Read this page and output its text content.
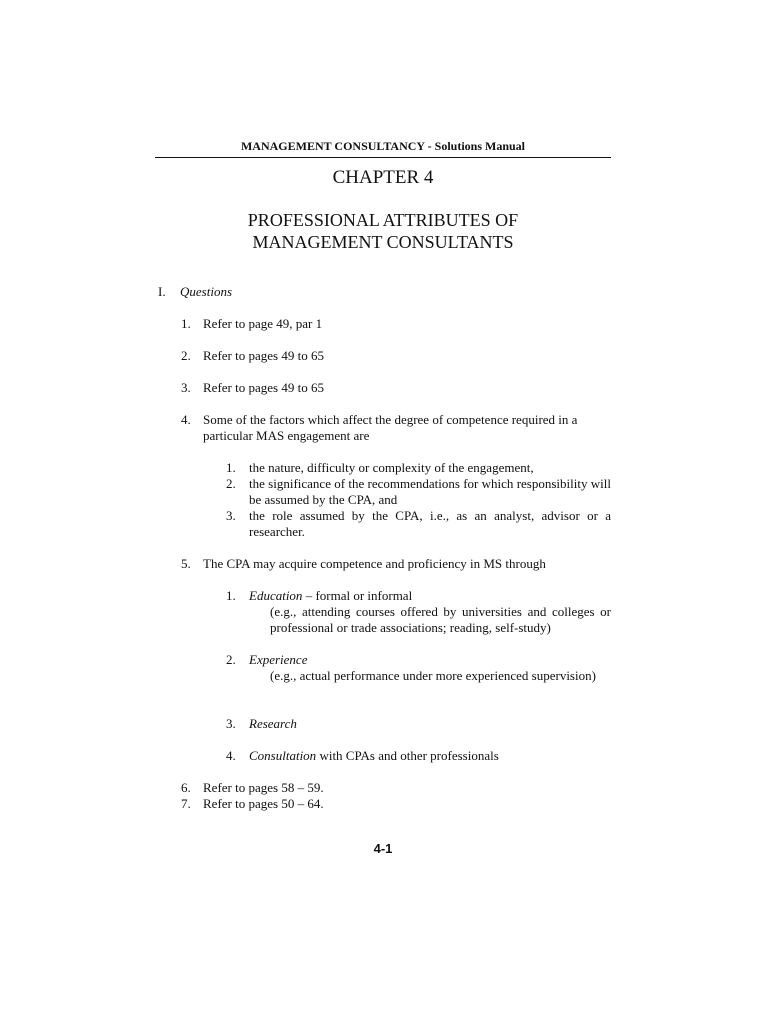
MANAGEMENT CONSULTANCY - Solutions Manual
CHAPTER 4
PROFESSIONAL ATTRIBUTES OF
MANAGEMENT CONSULTANTS
I. Questions
1. Refer to page 49, par 1
2. Refer to pages 49 to 65
3. Refer to pages 49 to 65
4. Some of the factors which affect the degree of competence required in a particular MAS engagement are
1. the nature, difficulty or complexity of the engagement,
2. the significance of the recommendations for which responsibility will be assumed by the CPA, and
3. the role assumed by the CPA, i.e., as an analyst, advisor or a researcher.
5. The CPA may acquire competence and proficiency in MS through
1. Education – formal or informal
(e.g., attending courses offered by universities and colleges or professional or trade associations; reading, self-study)
2. Experience
(e.g., actual performance under more experienced supervision)
3. Research
4. Consultation with CPAs and other professionals
6. Refer to pages 58 – 59.
7. Refer to pages 50 – 64.
4-1
